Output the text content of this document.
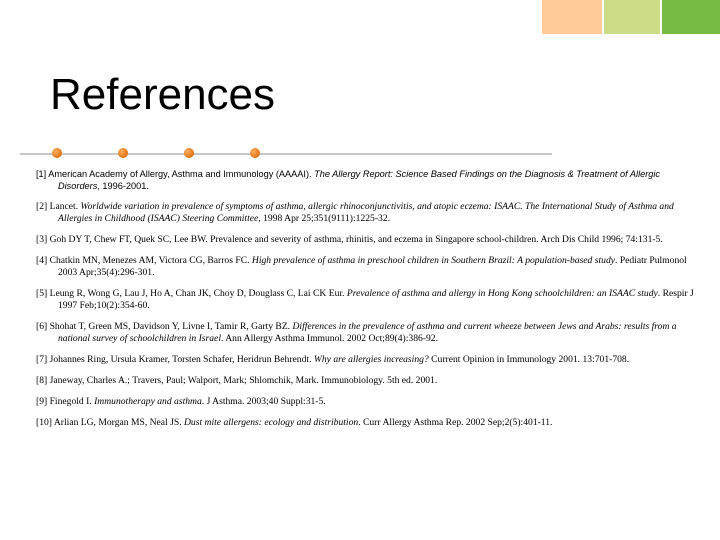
References

[1] American Academy of Allergy, Asthma and Immunology (AAAAI). The Allergy Report: Science Based Findings on the Diagnosis & Treatment of Allergic Disorders, 1996-2001.

[2] Lancet. Worldwide variation in prevalence of symptoms of asthma, allergic rhinoconjunctivitis, and atopic eczema: ISAAC. The International Study of Asthma and Allergies in Childhood (ISAAC) Steering Committee, 1998 Apr 25;351(9111):1225-32.

[3] Goh DY T, Chew FT, Quek SC, Lee BW. Prevalence and severity of asthma, rhinitis, and eczema in Singapore school-children. Arch Dis Child 1996; 74:131-5.

[4] Chatkin MN, Menezes AM, Victora CG, Barros FC. High prevalence of asthma in preschool children in Southern Brazil: A population-based study. Pediatr Pulmonol 2003 Apr;35(4):296-301.

[5] Leung R, Wong G, Lau J, Ho A, Chan JK, Choy D, Douglass C, Lai CK Eur. Prevalence of asthma and allergy in Hong Kong schoolchildren: an ISAAC study. Respir J 1997 Feb;10(2):354-60.

[6] Shohat T, Green MS, Davidson Y, Livne I, Tamir R, Garty BZ. Differences in the prevalence of asthma and current wheeze between Jews and Arabs: results from a national survey of schoolchildren in Israel. Ann Allergy Asthma Immunol. 2002 Oct;89(4):386-92.

[7] Johannes Ring, Ursula Kramer, Torsten Schafer, Heridrun Behrendt. Why are allergies increasing? Current Opinion in Immunology 2001. 13:701-708.

[8] Janeway, Charles A.; Travers, Paul; Walport, Mark; Shlomchik, Mark. Immunobiology. 5th ed. 2001.

[9] Finegold I. Immunotherapy and asthma. J Asthma. 2003;40 Suppl:31-5.

[10] Arlian LG, Morgan MS, Neal JS. Dust mite allergens: ecology and distribution. Curr Allergy Asthma Rep. 2002 Sep;2(5):401-11.
